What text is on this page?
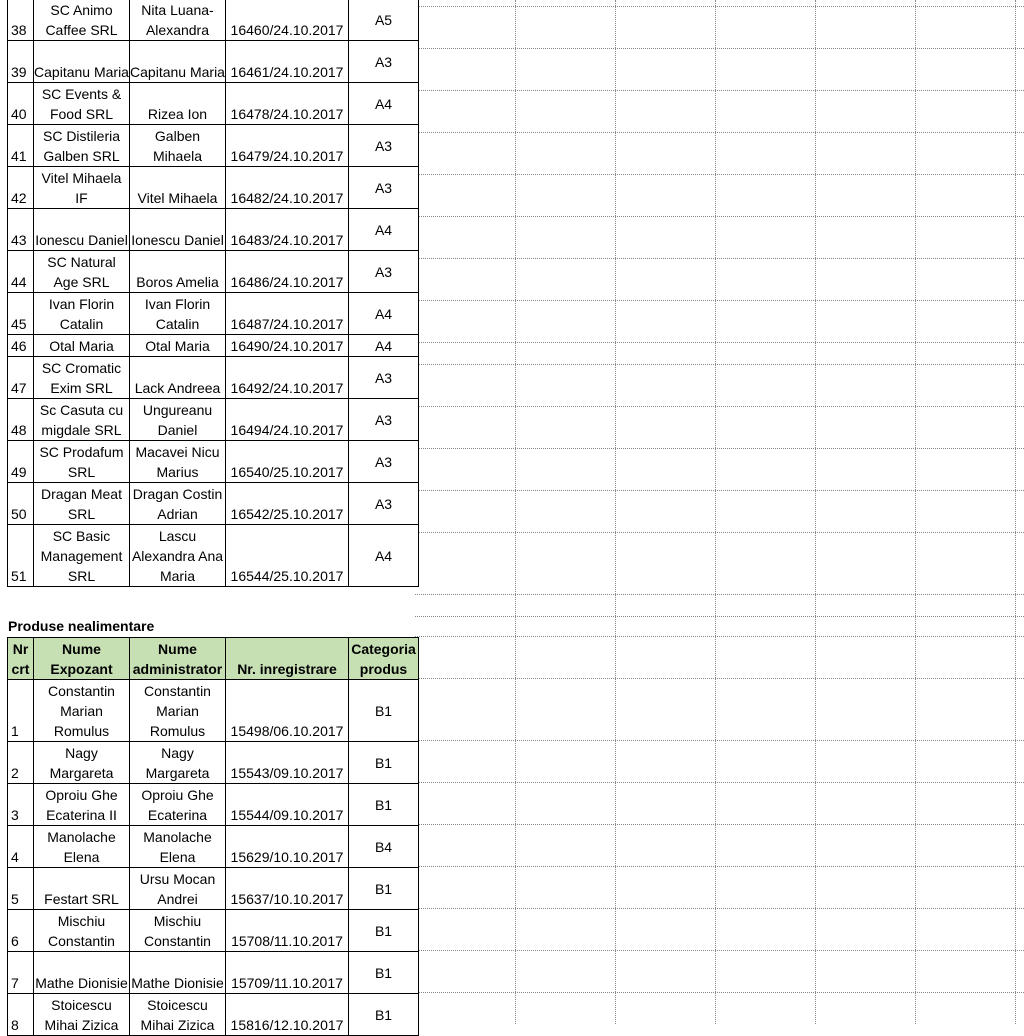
38	SC Animo Caffee SRL	Nita Luana-Alexandra	16460/24.10.2017	A5
39	Capitanu Maria	Capitanu Maria	16461/24.10.2017	A3
40	SC Events & Food SRL	Rizea Ion	16478/24.10.2017	A4
41	SC Distileria Galben SRL	Galben Mihaela	16479/24.10.2017	A3
42	Vitel Mihaela IF	Vitel Mihaela	16482/24.10.2017	A3
43	Ionescu Daniel	Ionescu Daniel	16483/24.10.2017	A4
44	SC Natural Age SRL	Boros Amelia	16486/24.10.2017	A3
45	Ivan Florin Catalin	Ivan Florin Catalin	16487/24.10.2017	A4
46	Otal Maria	Otal Maria	16490/24.10.2017	A4
47	SC Cromatic Exim SRL	Lack Andreea	16492/24.10.2017	A3
48	Sc Casuta cu migdale SRL	Ungureanu Daniel	16494/24.10.2017	A3
49	SC Prodafum SRL	Macavei Nicu Marius	16540/25.10.2017	A3
50	Dragan Meat SRL	Dragan Costin Adrian	16542/25.10.2017	A3
51	SC Basic Management SRL	Lascu Alexandra Ana Maria	16544/25.10.2017	A4
Produse nealimentare
Nr crt	Nume Expozant	Nume administrator	Nr. inregistrare	Categoria produs
1	Constantin Marian Romulus	Constantin Marian Romulus	15498/06.10.2017	B1
2	Nagy Margareta	Nagy Margareta	15543/09.10.2017	B1
3	Oproiu Ghe Ecaterina II	Oproiu Ghe Ecaterina	15544/09.10.2017	B1
4	Manolache Elena	Manolache Elena	15629/10.10.2017	B4
5	Festart SRL	Ursu Mocan Andrei	15637/10.10.2017	B1
6	Mischiu Constantin	Mischiu Constantin	15708/11.10.2017	B1
7	Mathe Dionisie	Mathe Dionisie	15709/11.10.2017	B1
8	Stoicescu Mihai Zizica	Stoicescu Mihai Zizica	15816/12.10.2017	B1
